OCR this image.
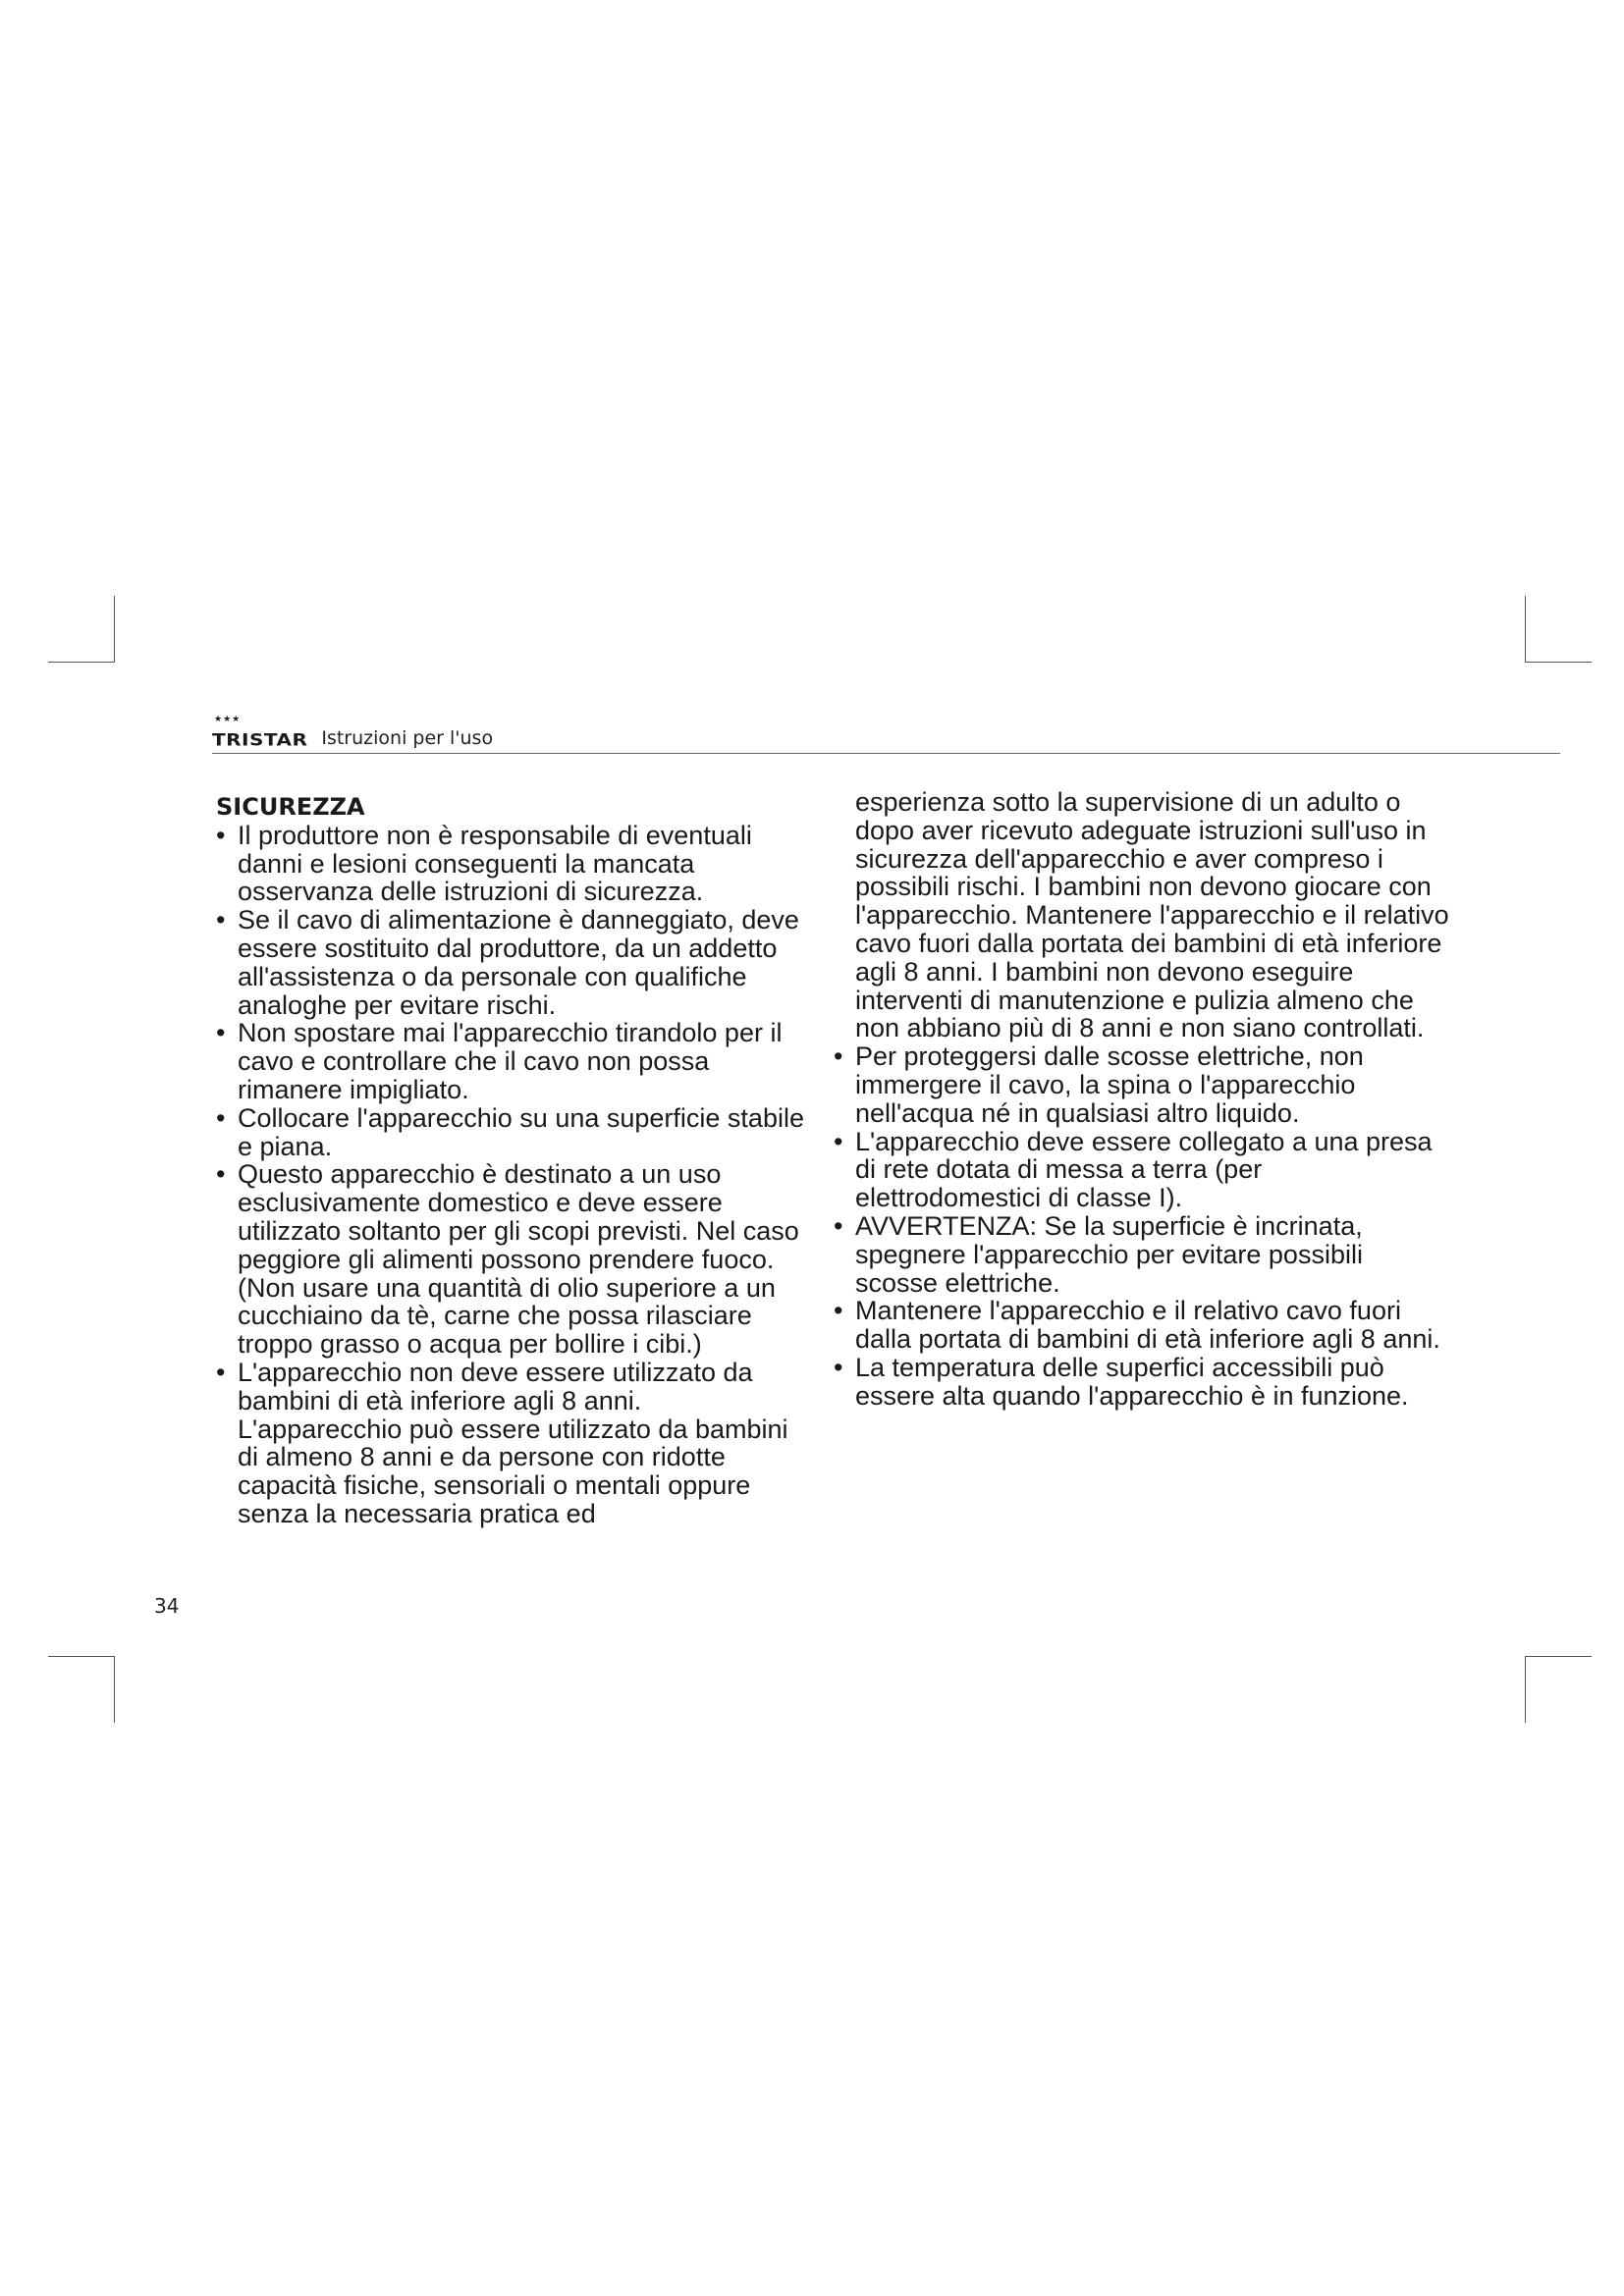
★★★
TRISTAR Istruzioni per l'uso
SICUREZZA
• Il produttore non è responsabile di eventuali danni e lesioni conseguenti la mancata osservanza delle istruzioni di sicurezza.
• Se il cavo di alimentazione è danneggiato, deve essere sostituito dal produttore, da un addetto all'assistenza o da personale con qualifiche analoghe per evitare rischi.
• Non spostare mai l'apparecchio tirandolo per il cavo e controllare che il cavo non possa rimanere impigliato.
• Collocare l'apparecchio su una superficie stabile e piana.
• Questo apparecchio è destinato a un uso esclusivamente domestico e deve essere utilizzato soltanto per gli scopi previsti. Nel caso peggiore gli alimenti possono prendere fuoco. (Non usare una quantità di olio superiore a un cucchiaino da tè, carne che possa rilasciare troppo grasso o acqua per bollire i cibi.)
• L'apparecchio non deve essere utilizzato da bambini di età inferiore agli 8 anni. L'apparecchio può essere utilizzato da bambini di almeno 8 anni e da persone con ridotte capacità fisiche, sensoriali o mentali oppure senza la necessaria pratica ed
esperienza sotto la supervisione di un adulto o dopo aver ricevuto adeguate istruzioni sull'uso in sicurezza dell'apparecchio e aver compreso i possibili rischi. I bambini non devono giocare con l'apparecchio. Mantenere l'apparecchio e il relativo cavo fuori dalla portata dei bambini di età inferiore agli 8 anni. I bambini non devono eseguire interventi di manutenzione e pulizia almeno che non abbiano più di 8 anni e non siano controllati.
• Per proteggersi dalle scosse elettriche, non immergere il cavo, la spina o l'apparecchio nell'acqua né in qualsiasi altro liquido.
• L'apparecchio deve essere collegato a una presa di rete dotata di messa a terra (per elettrodomestici di classe I).
• AVVERTENZA: Se la superficie è incrinata, spegnere l'apparecchio per evitare possibili scosse elettriche.
• Mantenere l'apparecchio e il relativo cavo fuori dalla portata di bambini di età inferiore agli 8 anni.
• La temperatura delle superfici accessibili può essere alta quando l'apparecchio è in funzione.
34
